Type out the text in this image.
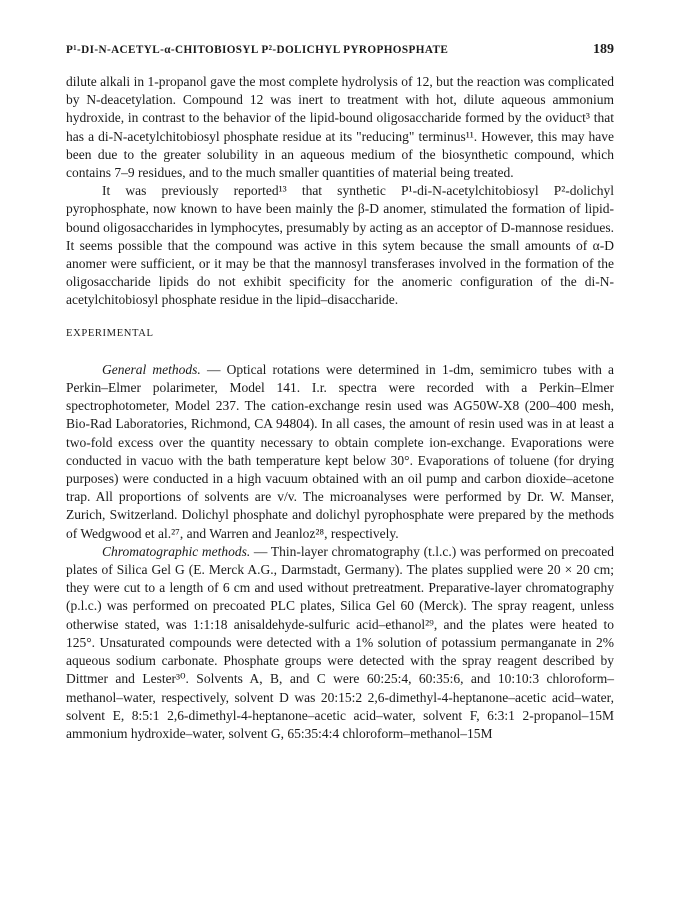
P¹-DI-N-ACETYL-α-CHITOBIOSYL P²-DOLICHYL PYROPHOSPHATE	189

dilute alkali in 1-propanol gave the most complete hydrolysis of 12, but the reaction was complicated by N-deacetylation. Compound 12 was inert to treatment with hot, dilute aqueous ammonium hydroxide, in contrast to the behavior of the lipid-bound oligosaccharide formed by the oviduct³ that has a di-N-acetylchitobiosyl phosphate residue at its "reducing" terminus¹¹. However, this may have been due to the greater solubility in an aqueous medium of the biosynthetic compound, which contains 7–9 residues, and to the much smaller quantities of material being treated.

It was previously reported¹³ that synthetic P¹-di-N-acetylchitobiosyl P²-dolichyl pyrophosphate, now known to have been mainly the β-D anomer, stimulated the formation of lipid-bound oligosaccharides in lymphocytes, presumably by acting as an acceptor of D-mannose residues. It seems possible that the compound was active in this sytem because the small amounts of α-D anomer were sufficient, or it may be that the mannosyl transferases involved in the formation of the oligosaccharide lipids do not exhibit specificity for the anomeric configuration of the di-N-acetylchitobiosyl phosphate residue in the lipid–disaccharide.

EXPERIMENTAL

General methods. — Optical rotations were determined in 1-dm, semimicro tubes with a Perkin–Elmer polarimeter, Model 141. I.r. spectra were recorded with a Perkin–Elmer spectrophotometer, Model 237. The cation-exchange resin used was AG50W-X8 (200–400 mesh, Bio-Rad Laboratories, Richmond, CA 94804). In all cases, the amount of resin used was in at least a two-fold excess over the quantity necessary to obtain complete ion-exchange. Evaporations were conducted in vacuo with the bath temperature kept below 30°. Evaporations of toluene (for drying purposes) were conducted in a high vacuum obtained with an oil pump and carbon dioxide–acetone trap. All proportions of solvents are v/v. The microanalyses were performed by Dr. W. Manser, Zurich, Switzerland. Dolichyl phosphate and dolichyl pyrophosphate were prepared by the methods of Wedgwood et al.²⁷, and Warren and Jeanloz²⁸, respectively.

Chromatographic methods. — Thin-layer chromatography (t.l.c.) was performed on precoated plates of Silica Gel G (E. Merck A.G., Darmstadt, Germany). The plates supplied were 20 × 20 cm; they were cut to a length of 6 cm and used without pretreatment. Preparative-layer chromatography (p.l.c.) was performed on precoated PLC plates, Silica Gel 60 (Merck). The spray reagent, unless otherwise stated, was 1:1:18 anisaldehyde-sulfuric acid–ethanol²⁹, and the plates were heated to 125°. Unsaturated compounds were detected with a 1% solution of potassium permanganate in 2% aqueous sodium carbonate. Phosphate groups were detected with the spray reagent described by Dittmer and Lester³⁰. Solvents A, B, and C were 60:25:4, 60:35:6, and 10:10:3 chloroform–methanol–water, respectively, solvent D was 20:15:2 2,6-dimethyl-4-heptanone–acetic acid–water, solvent E, 8:5:1 2,6-dimethyl-4-heptanone–acetic acid–water, solvent F, 6:3:1 2-propanol–15M ammonium hydroxide–water, solvent G, 65:35:4:4 chloroform–methanol–15M
